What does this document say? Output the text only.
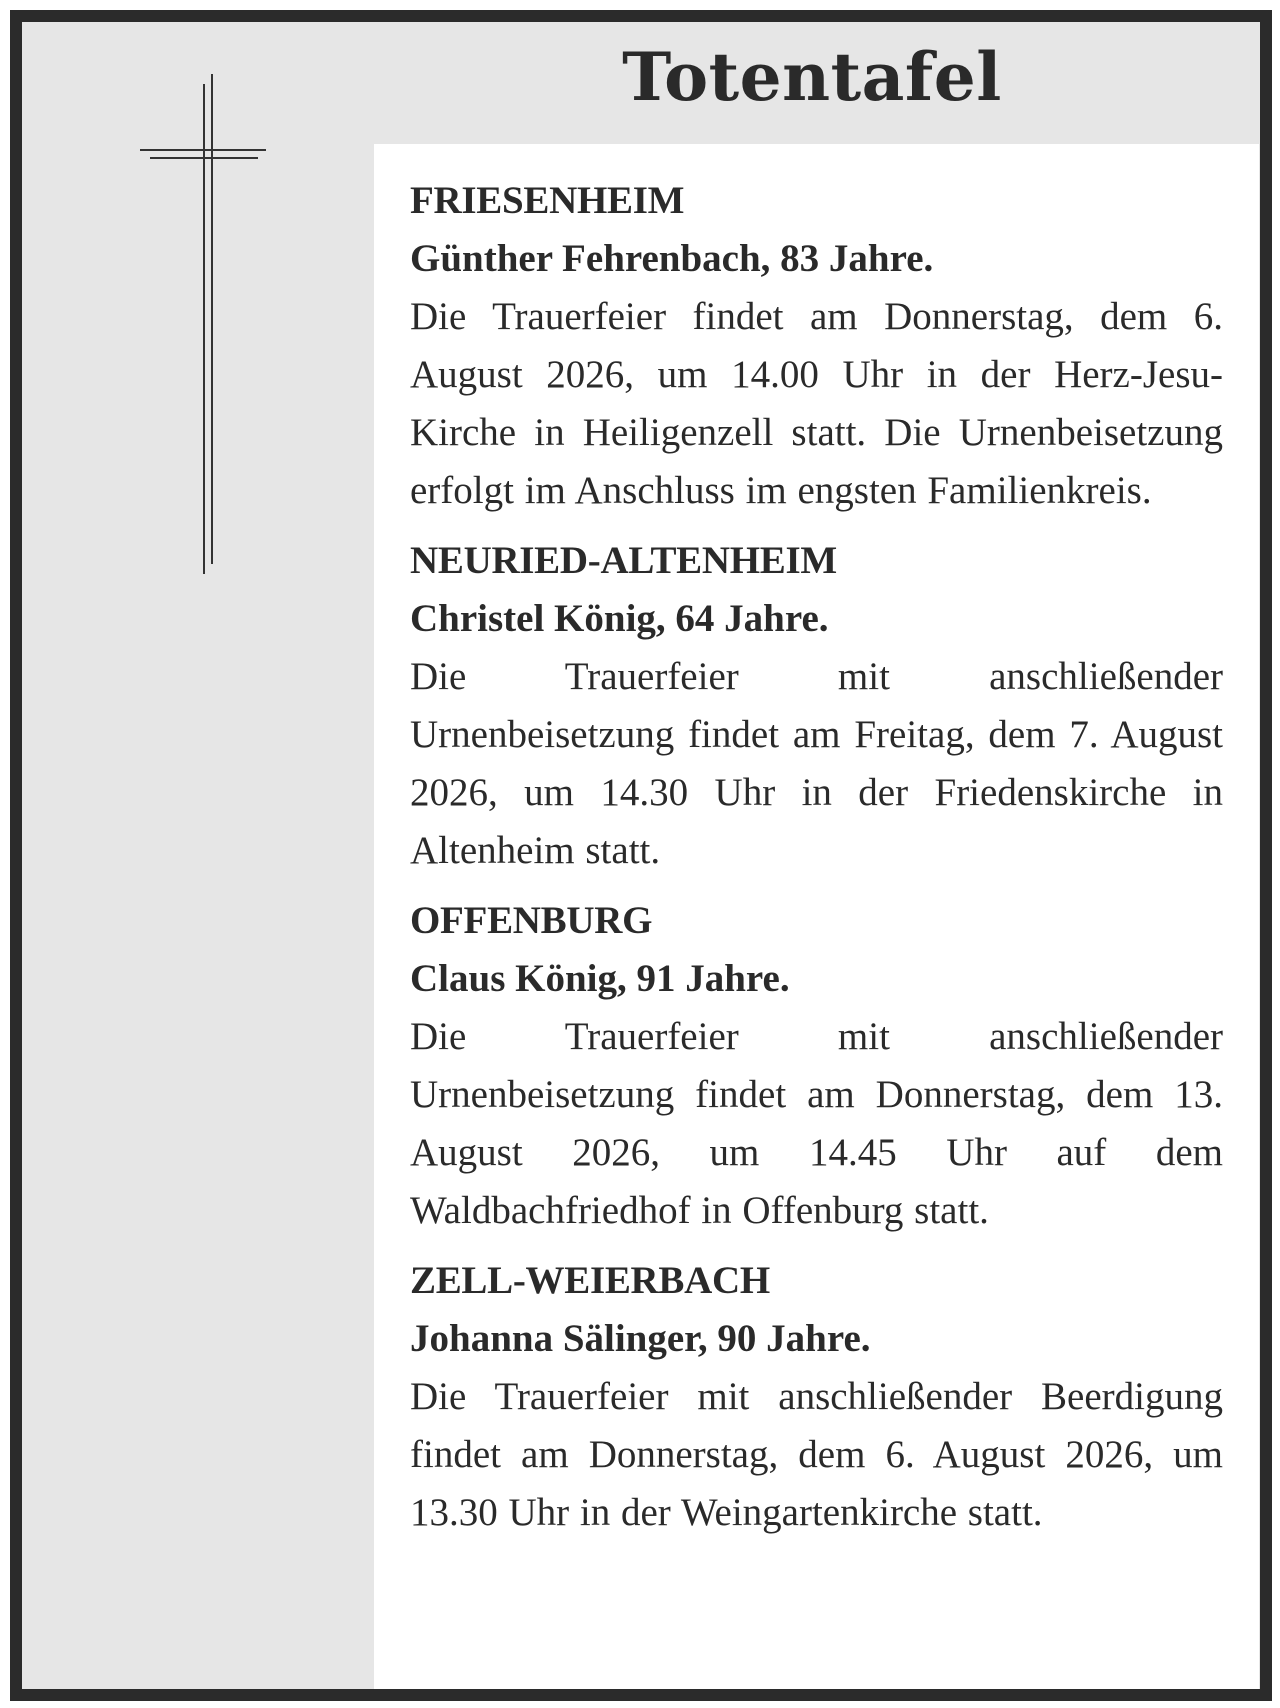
Totentafel

FRIESENHEIM

Günther Fehrenbach, 83 Jahre.

Die Trauerfeier findet am Donnerstag, dem 6. August 2026, um 14.00 Uhr in der Herz-Jesu-Kirche in Heiligenzell statt. Die Urnenbeisetzung erfolgt im Anschluss im engsten Familienkreis.

NEURIED-ALTENHEIM

Christel König, 64 Jahre.

Die Trauerfeier mit anschließender Urnenbeisetzung findet am Freitag, dem 7. August 2026, um 14.30 Uhr in der Friedenskirche in Altenheim statt.

OFFENBURG

Claus König, 91 Jahre.

Die Trauerfeier mit anschließender Urnenbeisetzung findet am Donnerstag, dem 13. August 2026, um 14.45 Uhr auf dem Waldbachfriedhof in Offenburg statt.

ZELL-WEIERBACH

Johanna Sälinger, 90 Jahre.

Die Trauerfeier mit anschließender Beerdigung findet am Donnerstag, dem 6. August 2026, um 13.30 Uhr in der Weingartenkirche statt.
